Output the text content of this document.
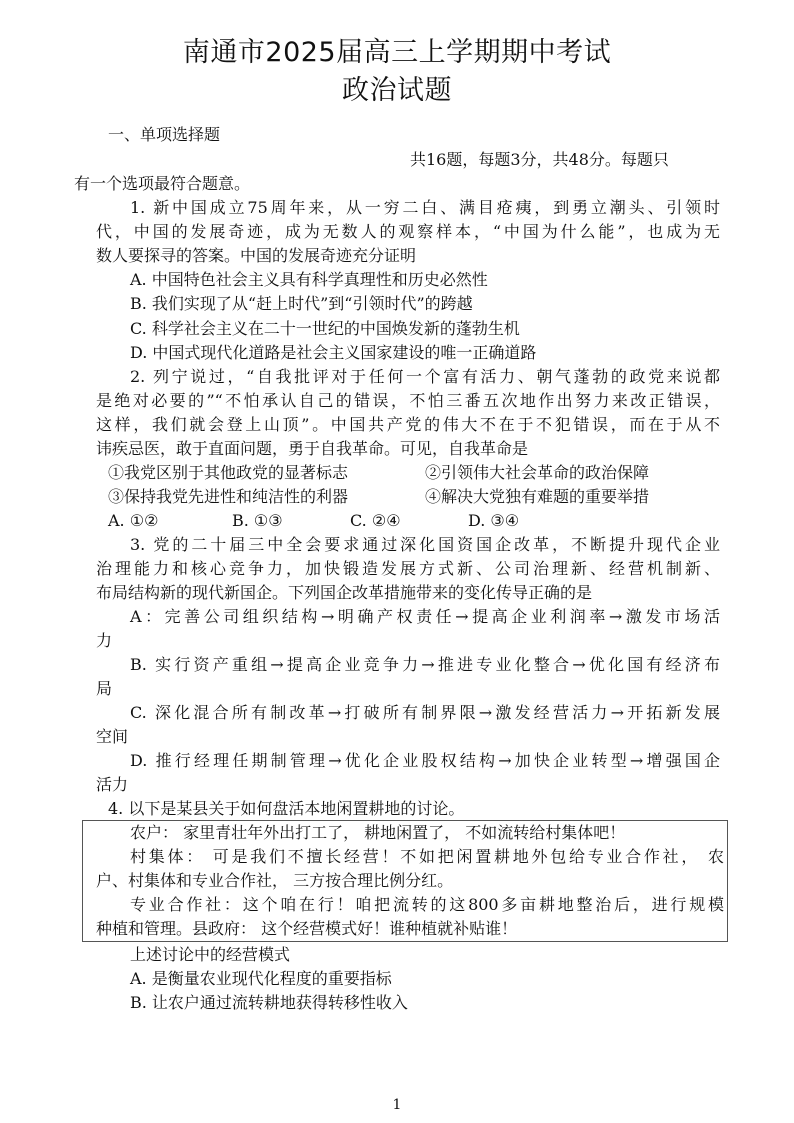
南通市2025届高三上学期期中考试
政治试题
一、单项选择题
共16题，每题3分，共48分。每题只
有一个选项最符合题意。
1. 新中国成立75周年来，从一穷二白、满目疮痍，到勇立潮头、引领时
代，中国的发展奇迹，成为无数人的观察样本，“中国为什么能”，也成为无
数人要探寻的答案。中国的发展奇迹充分证明
A. 中国特色社会主义具有科学真理性和历史必然性
B. 我们实现了从“赶上时代”到“引领时代”的跨越
C. 科学社会主义在二十一世纪的中国焕发新的蓬勃生机
D. 中国式现代化道路是社会主义国家建设的唯一正确道路
2. 列宁说过，“自我批评对于任何一个富有活力、朝气蓬勃的政党来说都
是绝对必要的”“不怕承认自己的错误，不怕三番五次地作出努力来改正错误，
这样，我们就会登上山顶”。中国共产党的伟大不在于不犯错误，而在于从不
讳疾忌医，敢于直面问题，勇于自我革命。可见，自我革命是
①我党区别于其他政党的显著标志	②引领伟大社会革命的政治保障
③保持我党先进性和纯洁性的利器	④解决大党独有难题的重要举措
A. ①②	B. ①③	C. ②④	D. ③④
3. 党的二十届三中全会要求通过深化国资国企改革，不断提升现代企业
治理能力和核心竞争力，加快锻造发展方式新、公司治理新、经营机制新、
布局结构新的现代新国企。下列国企改革措施带来的变化传导正确的是
A：完善公司组织结构→明确产权责任→提高企业利润率→激发市场活
力
B. 实行资产重组→提高企业竞争力→推进专业化整合→优化国有经济布
局
C. 深化混合所有制改革→打破所有制界限→激发经营活力→开拓新发展
空间
D. 推行经理任期制管理→优化企业股权结构→加快企业转型→增强国企
活力
4. 以下是某县关于如何盘活本地闲置耕地的讨论。
农户： 家里青壮年外出打工了， 耕地闲置了， 不如流转给村集体吧！
村集体： 可是我们不擅长经营！不如把闲置耕地外包给专业合作社， 农
户、村集体和专业合作社， 三方按合理比例分红。
专业合作社：这个咱在行！咱把流转的这800多亩耕地整治后，进行规模
种植和管理。县政府： 这个经营模式好！谁种植就补贴谁！
上述讨论中的经营模式
A. 是衡量农业现代化程度的重要指标
B. 让农户通过流转耕地获得转移性收入
1
